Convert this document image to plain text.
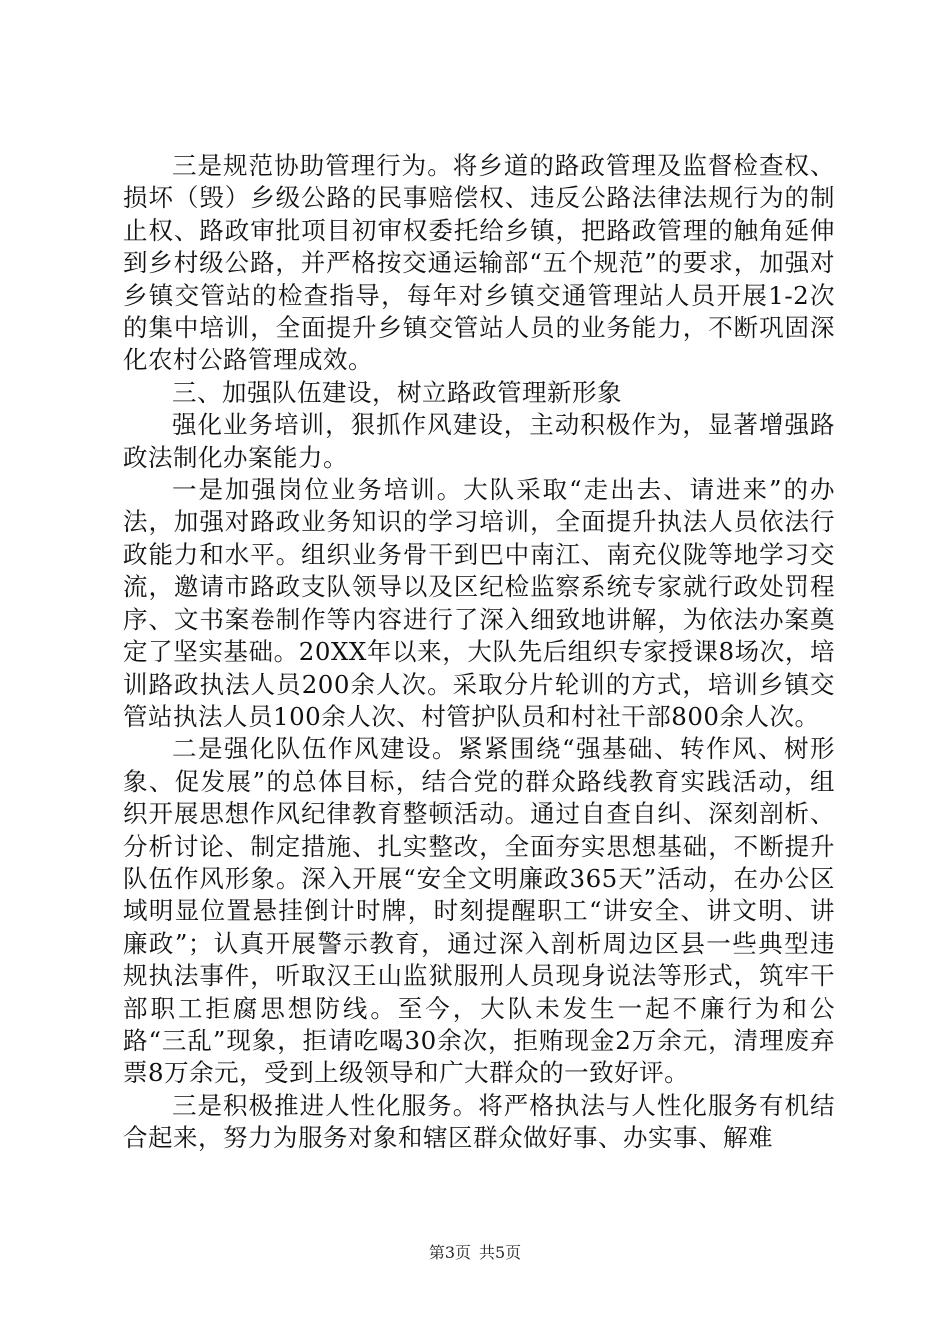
三是规范协助管理行为。将乡道的路政管理及监督检查权、损坏（毁）乡级公路的民事赔偿权、违反公路法律法规行为的制止权、路政审批项目初审权委托给乡镇，把路政管理的触角延伸到乡村级公路，并严格按交通运输部“五个规范”的要求，加强对乡镇交管站的检查指导，每年对乡镇交通管理站人员开展1-2次的集中培训，全面提升乡镇交管站人员的业务能力，不断巩固深化农村公路管理成效。

三、加强队伍建设，树立路政管理新形象

强化业务培训，狠抓作风建设，主动积极作为，显著增强路政法制化办案能力。

一是加强岗位业务培训。大队采取“走出去、请进来”的办法，加强对路政业务知识的学习培训，全面提升执法人员依法行政能力和水平。组织业务骨干到巴中南江、南充仪陇等地学习交流，邀请市路政支队领导以及区纪检监察系统专家就行政处罚程序、文书案卷制作等内容进行了深入细致地讲解，为依法办案奠定了坚实基础。20XX年以来，大队先后组织专家授课8场次，培训路政执法人员200余人次。采取分片轮训的方式，培训乡镇交管站执法人员100余人次、村管护队员和村社干部800余人次。

二是强化队伍作风建设。紧紧围绕“强基础、转作风、树形象、促发展”的总体目标，结合党的群众路线教育实践活动，组织开展思想作风纪律教育整顿活动。通过自查自纠、深刻剖析、分析讨论、制定措施、扎实整改，全面夯实思想基础，不断提升队伍作风形象。深入开展“安全文明廉政365天”活动，在办公区域明显位置悬挂倒计时牌，时刻提醒职工“讲安全、讲文明、讲廉政”；认真开展警示教育，通过深入剖析周边区县一些典型违规执法事件，听取汉王山监狱服刑人员现身说法等形式，筑牢干部职工拒腐思想防线。至今，大队未发生一起不廉行为和公路“三乱”现象，拒请吃喝30余次，拒贿现金2万余元，清理废弃票8万余元，受到上级领导和广大群众的一致好评。

三是积极推进人性化服务。将严格执法与人性化服务有机结合起来，努力为服务对象和辖区群众做好事、办实事、解难

第3页 共5页
